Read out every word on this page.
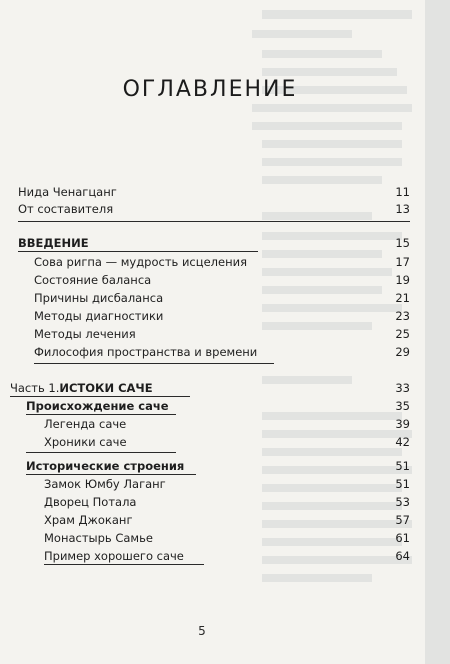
ОГЛАВЛЕНИЕ
Нида Ченагцанг	11
От составителя	13
ВВЕДЕНИЕ	15
Сова ригпа — мудрость исцеления	17
Состояние баланса	19
Причины дисбаланса	21
Методы диагностики	23
Методы лечения	25
Философия пространства и времени	29
Часть 1. ИСТОКИ САЧЕ	33
Происхождение саче	35
Легенда саче	39
Хроники саче	42
Исторические строения	51
Замок Юмбу Лаганг	51
Дворец Потала	53
Храм Джоканг	57
Монастырь Самье	61
Пример хорошего саче	64
5
